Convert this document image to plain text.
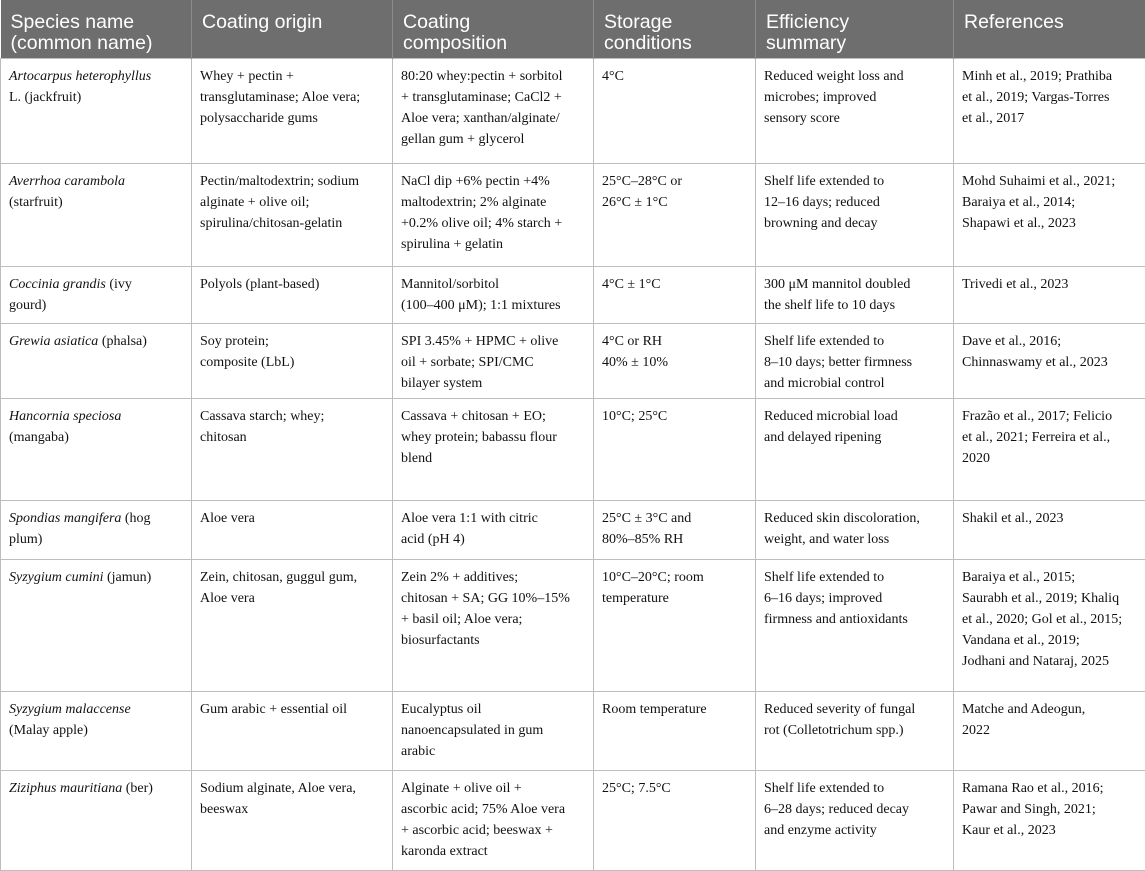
Species name
(common name)	Coating origin	Coating
composition	Storage
conditions	Efficiency
summary	References
Artocarpus heterophyllus
L. (jackfruit)	Whey + pectin +
transglutaminase; Aloe vera;
polysaccharide gums	80:20 whey:pectin + sorbitol
+ transglutaminase; CaCl2 +
Aloe vera; xanthan/alginate/
gellan gum + glycerol	4°C	Reduced weight loss and
microbes; improved
sensory score	Minh et al., 2019; Prathiba
et al., 2019; Vargas-Torres
et al., 2017
Averrhoa carambola
(starfruit)	Pectin/maltodextrin; sodium
alginate + olive oil;
spirulina/chitosan-gelatin	NaCl dip +6% pectin +4%
maltodextrin; 2% alginate
+0.2% olive oil; 4% starch +
spirulina + gelatin	25°C–28°C or
26°C ± 1°C	Shelf life extended to
12–16 days; reduced
browning and decay	Mohd Suhaimi et al., 2021;
Baraiya et al., 2014;
Shapawi et al., 2023
Coccinia grandis (ivy
gourd)	Polyols (plant-based)	Mannitol/sorbitol
(100–400 μM); 1:1 mixtures	4°C ± 1°C	300 μM mannitol doubled
the shelf life to 10 days	Trivedi et al., 2023
Grewia asiatica (phalsa)	Soy protein;
composite (LbL)	SPI 3.45% + HPMC + olive
oil + sorbate; SPI/CMC
bilayer system	4°C or RH
40% ± 10%	Shelf life extended to
8–10 days; better firmness
and microbial control	Dave et al., 2016;
Chinnaswamy et al., 2023
Hancornia speciosa
(mangaba)	Cassava starch; whey;
chitosan	Cassava + chitosan + EO;
whey protein; babassu flour
blend	10°C; 25°C	Reduced microbial load
and delayed ripening	Frazão et al., 2017; Felicio
et al., 2021; Ferreira et al.,
2020
Spondias mangifera (hog
plum)	Aloe vera	Aloe vera 1:1 with citric
acid (pH 4)	25°C ± 3°C and
80%–85% RH	Reduced skin discoloration,
weight, and water loss	Shakil et al., 2023
Syzygium cumini (jamun)	Zein, chitosan, guggul gum,
Aloe vera	Zein 2% + additives;
chitosan + SA; GG 10%–15%
+ basil oil; Aloe vera;
biosurfactants	10°C–20°C; room
temperature	Shelf life extended to
6–16 days; improved
firmness and antioxidants	Baraiya et al., 2015;
Saurabh et al., 2019; Khaliq
et al., 2020; Gol et al., 2015;
Vandana et al., 2019;
Jodhani and Nataraj, 2025
Syzygium malaccense
(Malay apple)	Gum arabic + essential oil	Eucalyptus oil
nanoencapsulated in gum
arabic	Room temperature	Reduced severity of fungal
rot (Colletotrichum spp.)	Matche and Adeogun,
2022
Ziziphus mauritiana (ber)	Sodium alginate, Aloe vera,
beeswax	Alginate + olive oil +
ascorbic acid; 75% Aloe vera
+ ascorbic acid; beeswax +
karonda extract	25°C; 7.5°C	Shelf life extended to
6–28 days; reduced decay
and enzyme activity	Ramana Rao et al., 2016;
Pawar and Singh, 2021;
Kaur et al., 2023
